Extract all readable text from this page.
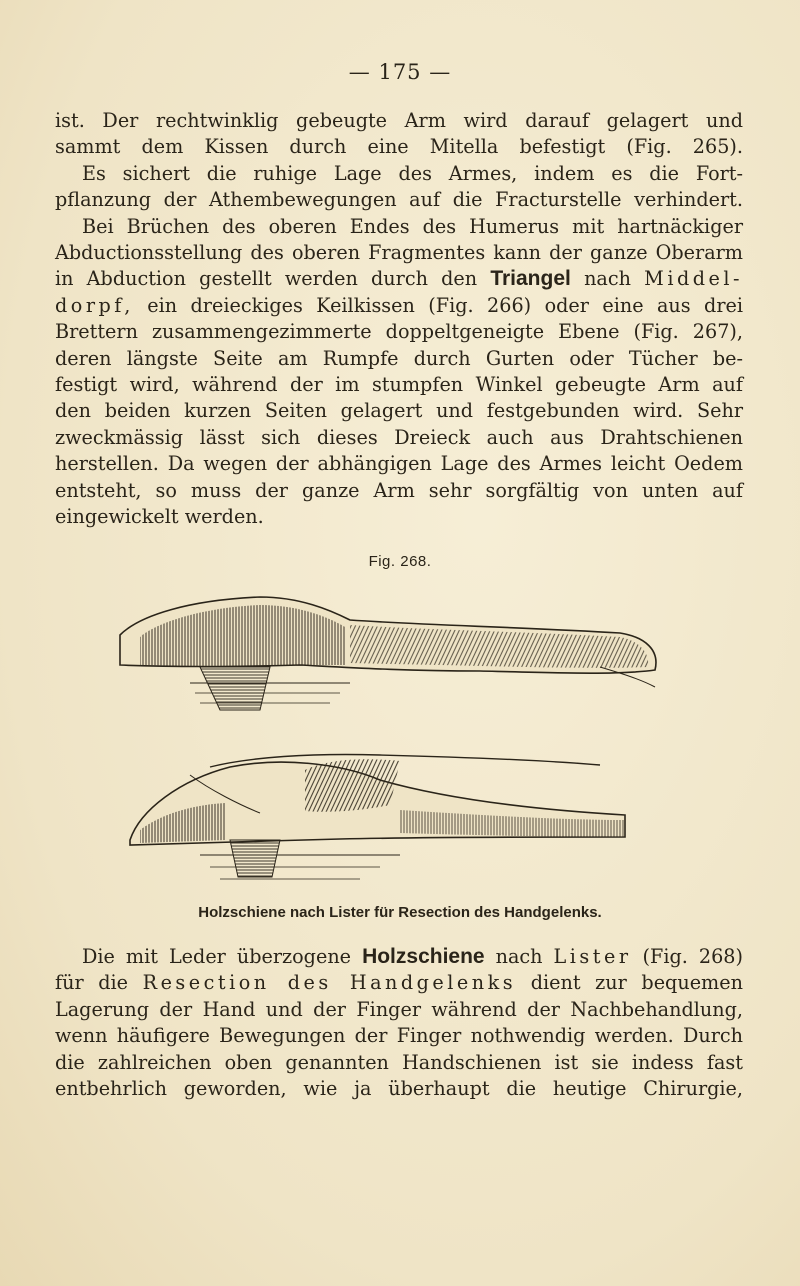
— 175 —

ist. Der rechtwinklig gebeugte Arm wird darauf gelagert und
sammt dem Kissen durch eine Mitella befestigt (Fig. 265).
Es sichert die ruhige Lage des Armes, indem es die Fort-
pflanzung der Athembewegungen auf die Fracturstelle verhindert.
Bei Brüchen des oberen Endes des Humerus mit hartnäckiger
Abductionsstellung des oberen Fragmentes kann der ganze Oberarm
in Abduction gestellt werden durch den Triangel nach Middel-
dorpf, ein dreieckiges Keilkissen (Fig. 266) oder eine aus drei
Brettern zusammengezimmerte doppeltgeneigte Ebene (Fig. 267),
deren längste Seite am Rumpfe durch Gurten oder Tücher be-
festigt wird, während der im stumpfen Winkel gebeugte Arm auf
den beiden kurzen Seiten gelagert und festgebunden wird. Sehr
zweckmässig lässt sich dieses Dreieck auch aus Drahtschienen
herstellen. Da wegen der abhängigen Lage des Armes leicht Oedem
entsteht, so muss der ganze Arm sehr sorgfältig von unten auf
eingewickelt werden.

Fig. 268.
Holzschiene nach Lister für Resection des Handgelenks.

Die mit Leder überzogene Holzschiene nach Lister (Fig. 268)
für die Resection des Handgelenks dient zur bequemen
Lagerung der Hand und der Finger während der Nachbehandlung,
wenn häufigere Bewegungen der Finger nothwendig werden. Durch
die zahlreichen oben genannten Handschienen ist sie indess fast
entbehrlich geworden, wie ja überhaupt die heutige Chirurgie,
